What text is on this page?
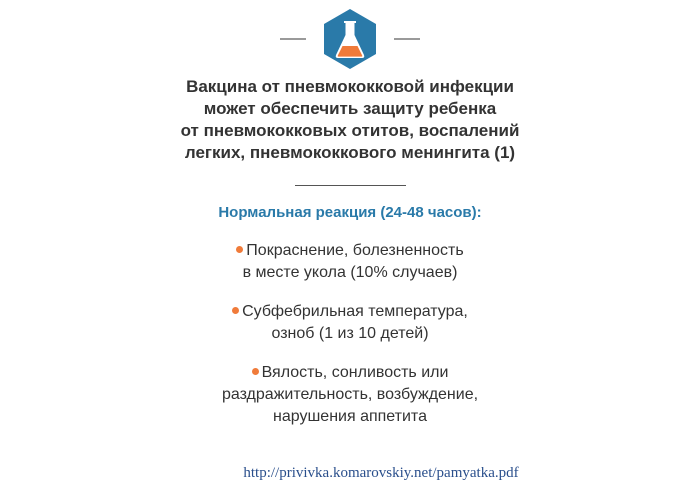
Вакцина от пневмококковой инфекции
может обеспечить защиту ребенка
от пневмококковых отитов, воспалений
легких, пневмококкового менингита (1)
Нормальная реакция (24-48 часов):
Покраснение, болезненность
в месте укола (10% случаев)
Субфебрильная температура,
озноб (1 из 10 детей)
Вялость, сонливость или
раздражительность, возбуждение,
нарушения аппетита
http://privivka.komarovskiy.net/pamyatka.pdf
